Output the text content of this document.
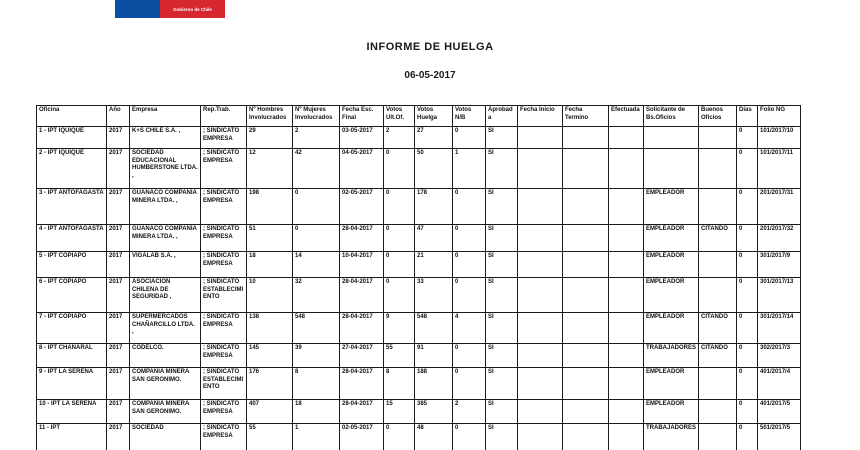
Gobierno de Chile
INFORME DE HUELGA
06-05-2017
Oficina	Año	Empresa	Rep.Trab.	Nº Hombres Involucrados	Nº Mujeres Involucrados	Fecha Esc. Final	Votos Ult.Of.	Votos Huelga	Votos N/B	Aprobada	Fecha Inicio	Fecha Termino	Efectuada	Solicitante de Bs.Oficios	Buenos Oficios	Días	Folio NG
1 - IPT IQUIQUE	2017	K+S CHILE S.A. ,	; SINDICATO EMPRESA	29	2	03-05-2017	2	27	0	SI						0	101/2017/10
2 - IPT IQUIQUE	2017	SOCIEDAD EDUCACIONAL HUMBERSTONE LTDA. ,	; SINDICATO EMPRESA	12	42	04-05-2017	0	50	1	SI						0	101/2017/11
3 - IPT ANTOFAGASTA	2017	GUANACO COMPAÑIA MINERA LTDA. ,	; SINDICATO EMPRESA	198	0	02-05-2017	0	178	0	SI				EMPLEADOR		0	201/2017/31
4 - IPT ANTOFAGASTA	2017	GUANACO COMPAÑIA MINERA LTDA. ,	; SINDICATO EMPRESA	51	0	28-04-2017	0	47	0	SI				EMPLEADOR	CITANDO	0	201/2017/32
5 - IPT COPIAPO	2017	VIGALAB S.A. ,	; SINDICATO EMPRESA	18	14	10-04-2017	0	21	0	SI				EMPLEADOR		0	301/2017/9
6 - IPT COPIAPO	2017	ASOCIACION CHILENA DE SEGURIDAD ,	; SINDICATO ESTABLECIMIENTO	10	32	28-04-2017	0	33	0	SI				EMPLEADOR		0	301/2017/13
7 - IPT COPIAPO	2017	SUPERMERCADOS CHAÑARCILLO LTDA. ,	; SINDICATO EMPRESA	138	548	28-04-2017	9	548	4	SI				EMPLEADOR	CITANDO	0	301/2017/14
8 - IPT CHAÑARAL	2017	CODELCO.	; SINDICATO EMPRESA	145	39	27-04-2017	55	91	0	SI				TRABAJADORES	CITANDO	0	302/2017/3
9 - IPT LA SERENA	2017	COMPAÑIA MINERA SAN GERONIMO.	; SINDICATO ESTABLECIMIENTO	176	8	28-04-2017	8	188	0	SI				EMPLEADOR		0	401/2017/4
10 - IPT LA SERENA	2017	COMPAÑIA MINERA SAN GERONIMO.	; SINDICATO EMPRESA	407	18	28-04-2017	15	385	2	SI				EMPLEADOR		0	401/2017/5
11 - IPT	2017	SOCIEDAD	; SINDICATO EMPRESA	55	1	02-05-2017	0	48	0	SI				TRABAJADORES		0	501/2017/5
